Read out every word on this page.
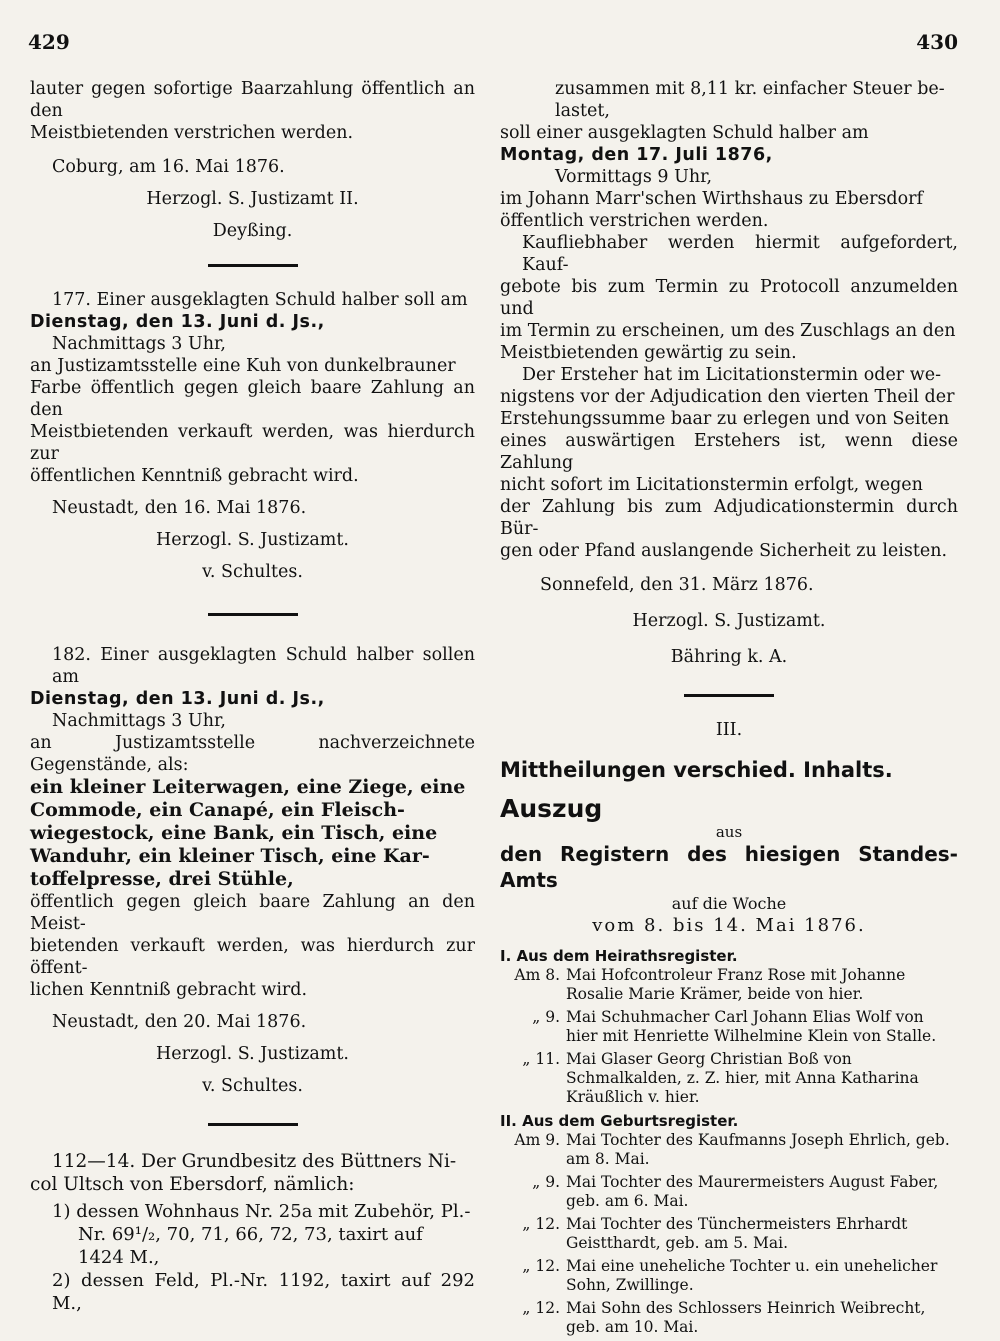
429	430

lauter gegen sofortige Baarzahlung öffentlich an den

Meistbietenden verstrichen werden.

Coburg, am 16. Mai 1876.

Herzogl. S. Justizamt II.

Deyßing.

177. Einer ausgeklagten Schuld halber soll am

Dienstag, den 13. Juni d. Js.,

Nachmittags 3 Uhr,

an Justizamtsstelle eine Kuh von dunkelbrauner

Farbe öffentlich gegen gleich baare Zahlung an den

Meistbietenden verkauft werden, was hierdurch zur

öffentlichen Kenntniß gebracht wird.

Neustadt, den 16. Mai 1876.

Herzogl. S. Justizamt.

v. Schultes.

182. Einer ausgeklagten Schuld halber sollen am

Dienstag, den 13. Juni d. Js.,

Nachmittags 3 Uhr,

an Justizamtsstelle nachverzeichnete Gegenstände, als:

ein kleiner Leiterwagen, eine Ziege, eine

Commode, ein Canapé, ein Fleisch-

wiegestock, eine Bank, ein Tisch, eine

Wanduhr, ein kleiner Tisch, eine Kar-

toffelpresse, drei Stühle,

öffentlich gegen gleich baare Zahlung an den Meist-

bietenden verkauft werden, was hierdurch zur öffent-

lichen Kenntniß gebracht wird.

Neustadt, den 20. Mai 1876.

Herzogl. S. Justizamt.

v. Schultes.

112—14. Der Grundbesitz des Büttners Ni-

col Ultsch von Ebersdorf, nämlich:

1) dessen Wohnhaus Nr. 25a mit Zubehör, Pl.-

Nr. 69¹/₂, 70, 71, 66, 72, 73, taxirt auf

1424 M.,

2) dessen Feld, Pl.-Nr. 1192, taxirt auf 292 M.,

zusammen mit 8,11 kr. einfacher Steuer be-

lastet,

soll einer ausgeklagten Schuld halber am

Montag, den 17. Juli 1876,

Vormittags 9 Uhr,

im Johann Marr'schen Wirthshaus zu Ebersdorf

öffentlich verstrichen werden.

Kaufliebhaber werden hiermit aufgefordert, Kauf-

gebote bis zum Termin zu Protocoll anzumelden und

im Termin zu erscheinen, um des Zuschlags an den

Meistbietenden gewärtig zu sein.

Der Ersteher hat im Licitationstermin oder we-

nigstens vor der Adjudication den vierten Theil der

Erstehungssumme baar zu erlegen und von Seiten

eines auswärtigen Erstehers ist, wenn diese Zahlung

nicht sofort im Licitationstermin erfolgt, wegen

der Zahlung bis zum Adjudicationstermin durch Bür-

gen oder Pfand auslangende Sicherheit zu leisten.

Sonnefeld, den 31. März 1876.

Herzogl. S. Justizamt.

Bähring k. A.

III.

Mittheilungen verschied. Inhalts.

Auszug

aus

den Registern des hiesigen Standes-Amts

auf die Woche

vom 8. bis 14. Mai 1876.

I. Aus dem Heirathsregister.

Am 8. Mai Hofcontroleur Franz Rose mit Johanne Rosalie Marie Krämer, beide von hier.
„ 9. Mai Schuhmacher Carl Johann Elias Wolf von hier mit Henriette Wilhelmine Klein von Stalle.
„ 11. Mai Glaser Georg Christian Boß von Schmalkalden, z. Z. hier, mit Anna Katharina Kräußlich v. hier.

II. Aus dem Geburtsregister.

Am 9. Mai Tochter des Kaufmanns Joseph Ehrlich, geb. am 8. Mai.
„ 9. Mai Tochter des Maurermeisters August Faber, geb. am 6. Mai.
„ 12. Mai Tochter des Tünchermeisters Ehrhardt Geistthardt, geb. am 5. Mai.
„ 12. Mai eine uneheliche Tochter u. ein unehelicher Sohn, Zwillinge.
„ 12. Mai Sohn des Schlossers Heinrich Weibrecht, geb. am 10. Mai.
